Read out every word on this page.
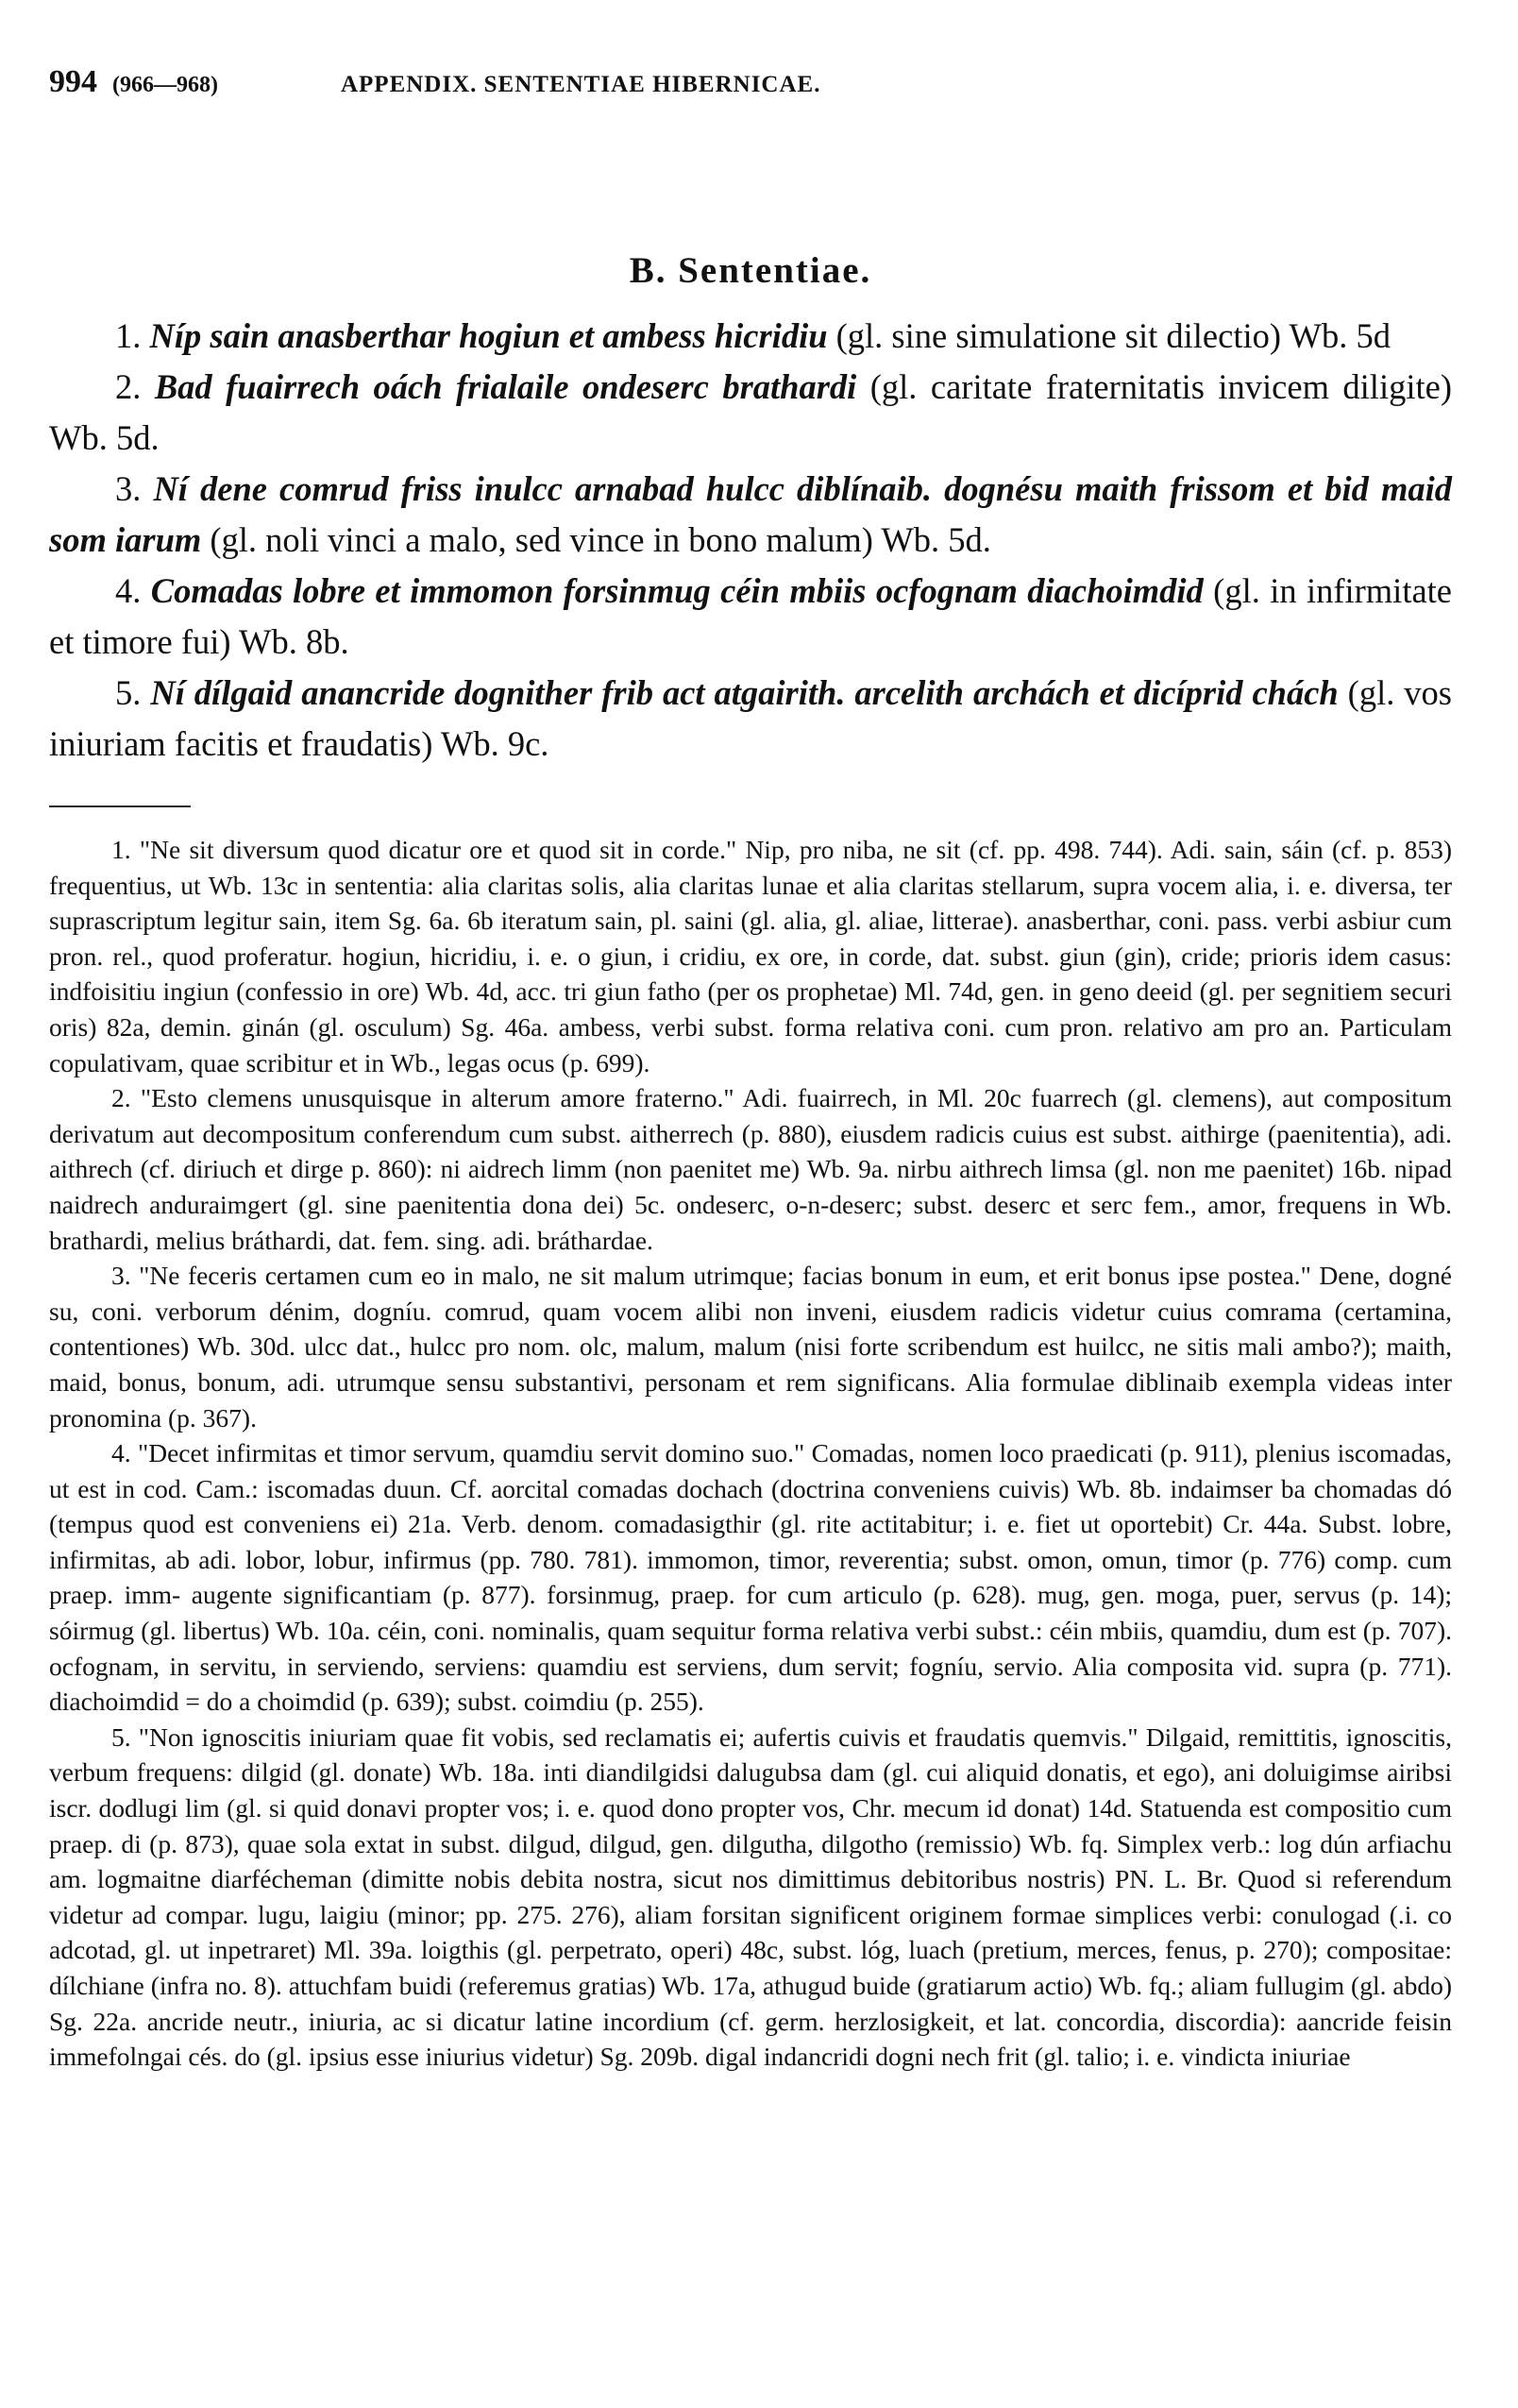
994 (966—968)	APPENDIX. SENTENTIAE HIBERNICAE.
B. Sententiae.

1. Níp sain anasberthar hogiun et ambess hicridiu (gl. sine simulatione sit dilectio) Wb. 5d

2. Bad fuairrech oách frialaile ondeserc brathardi (gl. caritate fraternitatis invicem diligite) Wb. 5d.

3. Ní dene comrud friss inulcc arnabad hulcc diblínaib. dognésu maith frissom et bid maid som iarum (gl. noli vinci a malo, sed vince in bono malum) Wb. 5d.

4. Comadas lobre et immomon forsinmug céin mbiis ocfognam diachoimdid (gl. in infirmitate et timore fui) Wb. 8b.

5. Ní dílgaid anancride dognither frib act atgairith. arcelith archách et dicíprid chách (gl. vos iniuriam facitis et fraudatis) Wb. 9c.

1. "Ne sit diversum quod dicatur ore et quod sit in corde." Nip, pro niba, ne sit (cf. pp. 498. 744). Adi. sain, sáin (cf. p. 853) frequentius, ut Wb. 13c in sententia: alia claritas solis, alia claritas lunae et alia claritas stellarum, supra vocem alia, i. e. diversa, ter suprascriptum legitur sain, item Sg. 6a. 6b iteratum sain, pl. saini (gl. alia, gl. aliae, litterae). anasberthar, coni. pass. verbi asbiur cum pron. rel., quod proferatur. hogiun, hicridiu, i. e. o giun, i cridiu, ex ore, in corde, dat. subst. giun (gin), cride; prioris idem casus: indfoisitiu ingiun (confessio in ore) Wb. 4d, acc. tri giun fatho (per os prophetae) Ml. 74d, gen. in geno deeid (gl. per segnitiem securi oris) 82a, demin. ginán (gl. osculum) Sg. 46a. ambess, verbi subst. forma relativa coni. cum pron. relativo am pro an. Particulam copulativam, quae scribitur et in Wb., legas ocus (p. 699).

2. "Esto clemens unusquisque in alterum amore fraterno." Adi. fuairrech, in Ml. 20c fuarrech (gl. clemens), aut compositum derivatum aut decompositum conferendum cum subst. aitherrech (p. 880), eiusdem radicis cuius est subst. aithirge (paenitentia), adi. aithrech (cf. diriuch et dirge p. 860): ni aidrech limm (non paenitet me) Wb. 9a. nirbu aithrech limsa (gl. non me paenitet) 16b. nipad naidrech anduraimgert (gl. sine paenitentia dona dei) 5c. ondeserc, o-n-deserc; subst. deserc et serc fem., amor, frequens in Wb. brathardi, melius bráthardi, dat. fem. sing. adi. bráthardae.

3. "Ne feceris certamen cum eo in malo, ne sit malum utrimque; facias bonum in eum, et erit bonus ipse postea." Dene, dogné su, coni. verborum dénim, dogníu. comrud, quam vocem alibi non inveni, eiusdem radicis videtur cuius comrama (certamina, contentiones) Wb. 30d. ulcc dat., hulcc pro nom. olc, malum, malum (nisi forte scribendum est huilcc, ne sitis mali ambo?); maith, maid, bonus, bonum, adi. utrumque sensu substantivi, personam et rem significans. Alia formulae diblinaib exempla videas inter pronomina (p. 367).

4. "Decet infirmitas et timor servum, quamdiu servit domino suo." Comadas, nomen loco praedicati (p. 911), plenius iscomadas, ut est in cod. Cam.: iscomadas duun. Cf. aorcital comadas dochach (doctrina conveniens cuivis) Wb. 8b. indaimser ba chomadas dó (tempus quod est conveniens ei) 21a. Verb. denom. comadasigthir (gl. rite actitabitur; i. e. fiet ut oportebit) Cr. 44a. Subst. lobre, infirmitas, ab adi. lobor, lobur, infirmus (pp. 780. 781). immomon, timor, reverentia; subst. omon, omun, timor (p. 776) comp. cum praep. imm- augente significantiam (p. 877). forsinmug, praep. for cum articulo (p. 628). mug, gen. moga, puer, servus (p. 14); sóirmug (gl. libertus) Wb. 10a. céin, coni. nominalis, quam sequitur forma relativa verbi subst.: céin mbiis, quamdiu, dum est (p. 707). ocfognam, in servitu, in serviendo, serviens: quamdiu est serviens, dum servit; fogníu, servio. Alia composita vid. supra (p. 771). diachoimdid = do a choimdid (p. 639); subst. coimdiu (p. 255).

5. "Non ignoscitis iniuriam quae fit vobis, sed reclamatis ei; aufertis cuivis et fraudatis quemvis." Dilgaid, remittitis, ignoscitis, verbum frequens: dilgid (gl. donate) Wb. 18a. inti diandilgidsi dalugubsa dam (gl. cui aliquid donatis, et ego), ani doluigimse airibsi iscr. dodlugi lim (gl. si quid donavi propter vos; i. e. quod dono propter vos, Chr. mecum id donat) 14d. Statuenda est compositio cum praep. di (p. 873), quae sola extat in subst. dilgud, dilgud, gen. dilgutha, dilgotho (remissio) Wb. fq. Simplex verb.: log dún arfiachu am. logmaitne diarfécheman (dimitte nobis debita nostra, sicut nos dimittimus debitoribus nostris) PN. L. Br. Quod si referendum videtur ad compar. lugu, laigiu (minor; pp. 275. 276), aliam forsitan significent originem formae simplices verbi: conulogad (.i. co adcotad, gl. ut inpetraret) Ml. 39a. loigthis (gl. perpetrato, operi) 48c, subst. lóg, luach (pretium, merces, fenus, p. 270); compositae: dílchiane (infra no. 8). attuchfam buidi (referemus gratias) Wb. 17a, athugud buide (gratiarum actio) Wb. fq.; aliam fullugim (gl. abdo) Sg. 22a. ancride neutr., iniuria, ac si dicatur latine incordium (cf. germ. herzlosigkeit, et lat. concordia, discordia): aancride feisin immefolngai cés. do (gl. ipsius esse iniurius videtur) Sg. 209b. digal indancridi dogni nech frit (gl. talio; i. e. vindicta iniuriae
